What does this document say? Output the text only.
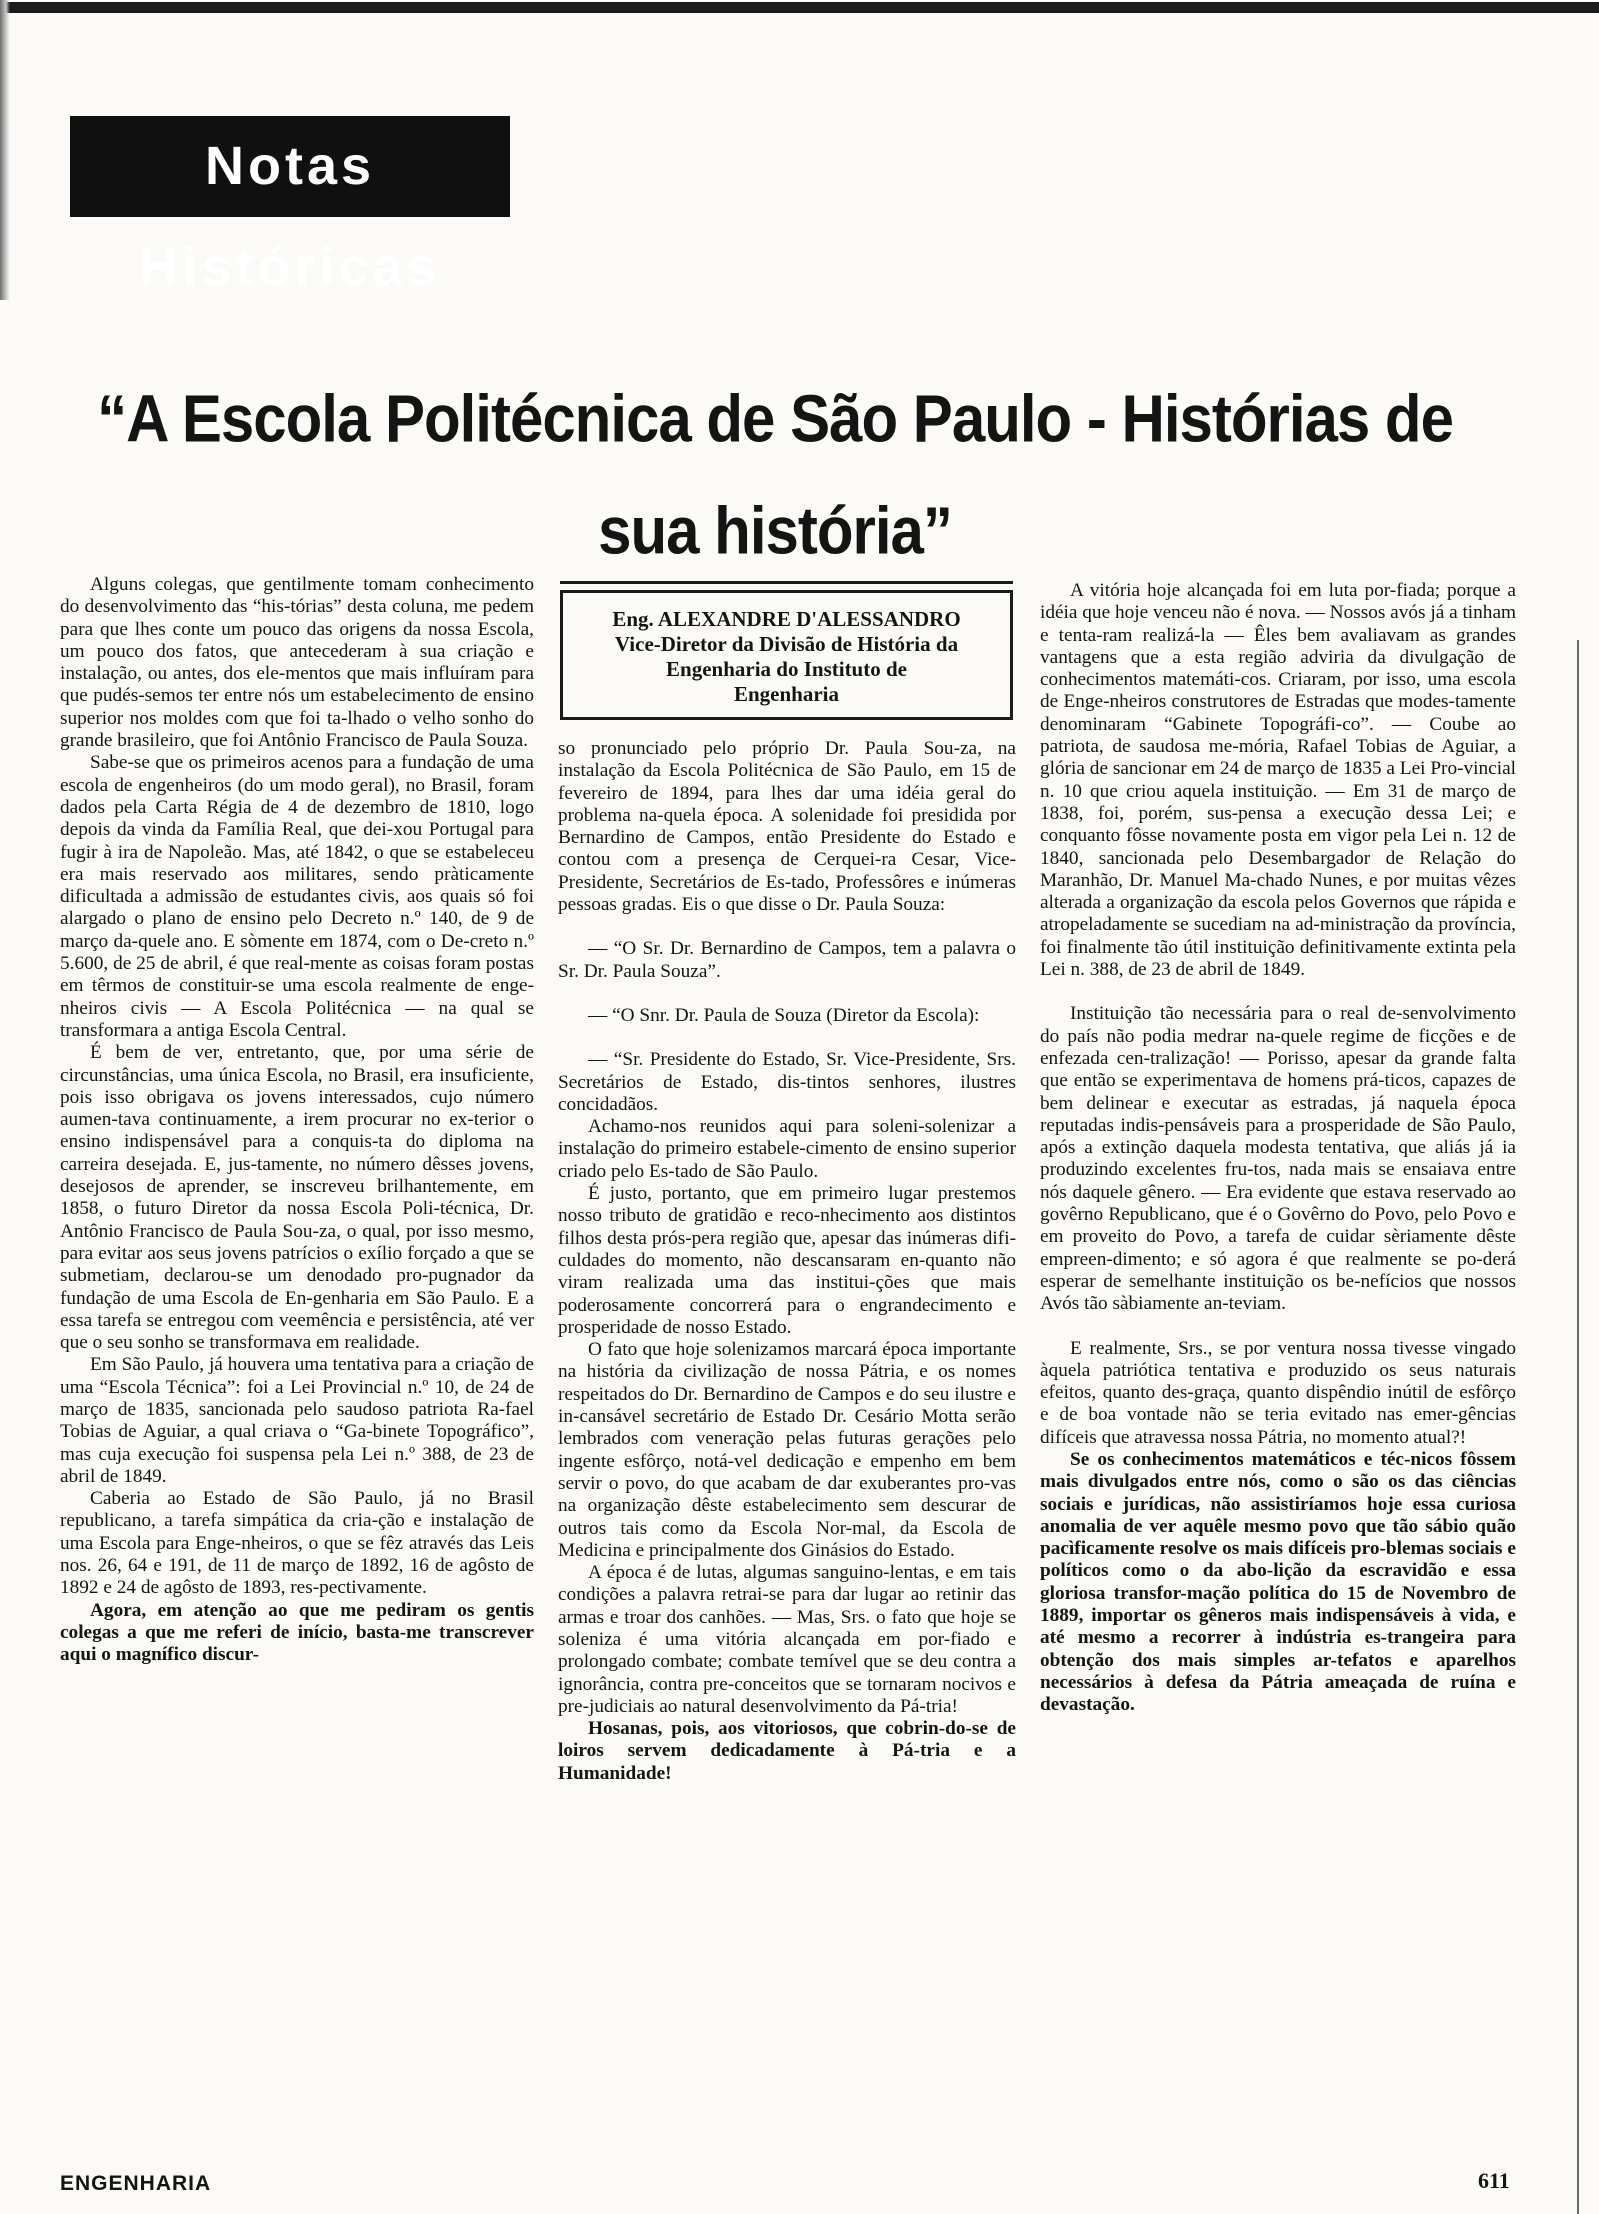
Notas Históricas
“A Escola Politécnica de São Paulo - Histórias de sua história”

Alguns colegas, que gentilmente tomam conhecimento do desenvolvimento das “his-tórias” desta coluna, me pedem para que lhes conte um pouco das origens da nossa Escola, um pouco dos fatos, que antecederam à sua criação e instalação, ou antes, dos ele-mentos que mais influíram para que pudés-semos ter entre nós um estabelecimento de ensino superior nos moldes com que foi ta-lhado o velho sonho do grande brasileiro, que foi Antônio Francisco de Paula Souza.

Sabe-se que os primeiros acenos para a fundação de uma escola de engenheiros (do um modo geral), no Brasil, foram dados pela Carta Régia de 4 de dezembro de 1810, logo depois da vinda da Família Real, que dei-xou Portugal para fugir à ira de Napoleão. Mas, até 1842, o que se estabeleceu era mais reservado aos militares, sendo pràticamente dificultada a admissão de estudantes civis, aos quais só foi alargado o plano de ensino pelo Decreto n.º 140, de 9 de março da-quele ano. E sòmente em 1874, com o De-creto n.º 5.600, de 25 de abril, é que real-mente as coisas foram postas em têrmos de constituir-se uma escola realmente de enge-nheiros civis — A Escola Politécnica — na qual se transformara a antiga Escola Central.

É bem de ver, entretanto, que, por uma série de circunstâncias, uma única Escola, no Brasil, era insuficiente, pois isso obrigava os jovens interessados, cujo número aumen-tava continuamente, a irem procurar no ex-terior o ensino indispensável para a conquis-ta do diploma na carreira desejada. E, jus-tamente, no número dêsses jovens, desejosos de aprender, se inscreveu brilhantemente, em 1858, o futuro Diretor da nossa Escola Poli-técnica, Dr. Antônio Francisco de Paula Sou-za, o qual, por isso mesmo, para evitar aos seus jovens patrícios o exílio forçado a que se submetiam, declarou-se um denodado pro-pugnador da fundação de uma Escola de En-genharia em São Paulo. E a essa tarefa se entregou com veemência e persistência, até ver que o seu sonho se transformava em realidade.

Em São Paulo, já houvera uma tentativa para a criação de uma “Escola Técnica”: foi a Lei Provincial n.º 10, de 24 de março de 1835, sancionada pelo saudoso patriota Ra-fael Tobias de Aguiar, a qual criava o “Ga-binete Topográfico”, mas cuja execução foi suspensa pela Lei n.º 388, de 23 de abril de 1849.

Caberia ao Estado de São Paulo, já no Brasil republicano, a tarefa simpática da cria-ção e instalação de uma Escola para Enge-nheiros, o que se fêz através das Leis nos. 26, 64 e 191, de 11 de março de 1892, 16 de agôsto de 1892 e 24 de agôsto de 1893, res-pectivamente.

Agora, em atenção ao que me pediram os gentis colegas a que me referi de início, basta-me transcrever aqui o magnífico discur-

Eng. ALEXANDRE D'ALESSANDRO
Vice-Diretor da Divisão de História da
Engenharia do Instituto de
Engenharia

so pronunciado pelo próprio Dr. Paula Sou-za, na instalação da Escola Politécnica de São Paulo, em 15 de fevereiro de 1894, para lhes dar uma idéia geral do problema na-quela época. A solenidade foi presidida por Bernardino de Campos, então Presidente do Estado e contou com a presença de Cerquei-ra Cesar, Vice-Presidente, Secretários de Es-tado, Professôres e inúmeras pessoas gradas. Eis o que disse o Dr. Paula Souza:

— “O Sr. Dr. Bernardino de Campos, tem a palavra o Sr. Dr. Paula Souza”.

— “O Snr. Dr. Paula de Souza (Diretor da Escola):

— “Sr. Presidente do Estado, Sr. Vice-Presidente, Srs. Secretários de Estado, dis-tintos senhores, ilustres concidadãos.

Achamo-nos reunidos aqui para soleni-solenizar a instalação do primeiro estabele-cimento de ensino superior criado pelo Es-tado de São Paulo.

É justo, portanto, que em primeiro lugar prestemos nosso tributo de gratidão e reco-nhecimento aos distintos filhos desta prós-pera região que, apesar das inúmeras difi-culdades do momento, não descansaram en-quanto não viram realizada uma das institui-ções que mais poderosamente concorrerá para o engrandecimento e prosperidade de nosso Estado.

O fato que hoje solenizamos marcará época importante na história da civilização de nossa Pátria, e os nomes respeitados do Dr. Bernardino de Campos e do seu ilustre e in-cansável secretário de Estado Dr. Cesário Motta serão lembrados com veneração pelas futuras gerações pelo ingente esfôrço, notá-vel dedicação e empenho em bem servir o povo, do que acabam de dar exuberantes pro-vas na organização dêste estabelecimento sem descurar de outros tais como da Escola Nor-mal, da Escola de Medicina e principalmente dos Ginásios do Estado.

A época é de lutas, algumas sanguino-lentas, e em tais condições a palavra retrai-se para dar lugar ao retinir das armas e troar dos canhões. — Mas, Srs. o fato que hoje se soleniza é uma vitória alcançada em por-fiado e prolongado combate; combate temível que se deu contra a ignorância, contra pre-conceitos que se tornaram nocivos e pre-judiciais ao natural desenvolvimento da Pá-tria!

Hosanas, pois, aos vitoriosos, que cobrin-do-se de loiros servem dedicadamente à Pá-tria e a Humanidade!

A vitória hoje alcançada foi em luta por-fiada; porque a idéia que hoje venceu não é nova. — Nossos avós já a tinham e tenta-ram realizá-la — Êles bem avaliavam as grandes vantagens que a esta região adviria da divulgação de conhecimentos matemáti-cos. Criaram, por isso, uma escola de Enge-nheiros construtores de Estradas que modes-tamente denominaram “Gabinete Topográfi-co”. — Coube ao patriota, de saudosa me-mória, Rafael Tobias de Aguiar, a glória de sancionar em 24 de março de 1835 a Lei Pro-vincial n. 10 que criou aquela instituição. — Em 31 de março de 1838, foi, porém, sus-pensa a execução dessa Lei; e conquanto fôsse novamente posta em vigor pela Lei n. 12 de 1840, sancionada pelo Desembargador de Relação do Maranhão, Dr. Manuel Ma-chado Nunes, e por muitas vêzes alterada a organização da escola pelos Governos que rápida e atropeladamente se sucediam na ad-ministração da província, foi finalmente tão útil instituição definitivamente extinta pela Lei n. 388, de 23 de abril de 1849.

Instituição tão necessária para o real de-senvolvimento do país não podia medrar na-quele regime de ficções e de enfezada cen-tralização! — Porisso, apesar da grande falta que então se experimentava de homens prá-ticos, capazes de bem delinear e executar as estradas, já naquela época reputadas indis-pensáveis para a prosperidade de São Paulo, após a extinção daquela modesta tentativa, que aliás já ia produzindo excelentes fru-tos, nada mais se ensaiava entre nós daquele gênero. — Era evidente que estava reservado ao govêrno Republicano, que é o Govêrno do Povo, pelo Povo e em proveito do Povo, a tarefa de cuidar sèriamente dêste empreen-dimento; e só agora é que realmente se po-derá esperar de semelhante instituição os be-nefícios que nossos Avós tão sàbiamente an-teviam.

E realmente, Srs., se por ventura nossa tivesse vingado àquela patriótica tentativa e produzido os seus naturais efeitos, quanto des-graça, quanto dispêndio inútil de esfôrço e de boa vontade não se teria evitado nas emer-gências difíceis que atravessa nossa Pátria, no momento atual?!

Se os conhecimentos matemáticos e téc-nicos fôssem mais divulgados entre nós, como o são os das ciências sociais e jurídicas, não assistiríamos hoje essa curiosa anomalia de ver aquêle mesmo povo que tão sábio quão pacìficamente resolve os mais difíceis pro-blemas sociais e políticos como o da abo-lição da escravidão e essa gloriosa transfor-mação política do 15 de Novembro de 1889, importar os gêneros mais indispensáveis à vida, e até mesmo a recorrer à indústria es-trangeira para obtenção dos mais simples ar-tefatos e aparelhos necessários à defesa da Pátria ameaçada de ruína e devastação.

ENGENHARIA	611
